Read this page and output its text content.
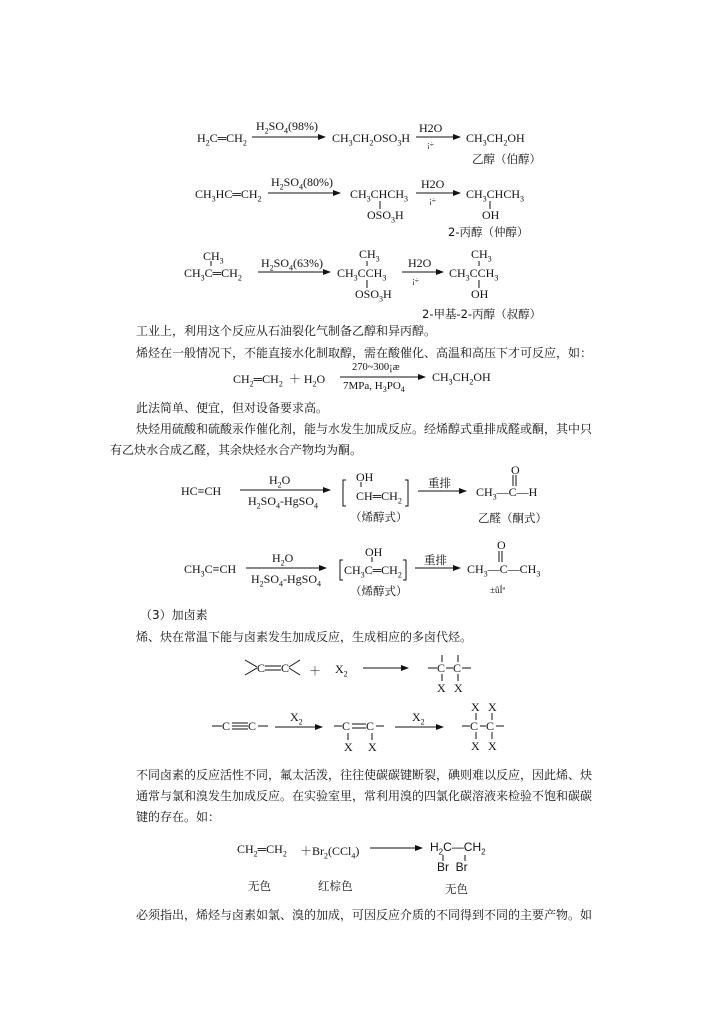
$H_2C═CH_2$
$H_2SO_4(98\%)$
$CH_3CH_2OSO_3H$
H2O
¡÷	$CH_3CH_2OH$
乙醇（伯醇）
$CH_3HC═CH_2$
$H_2SO_4(80\%)$
$CH_3CHCH_3$
$OSO_3H$
H2O
¡÷ $CH_3CHCH_3$
OH
2-丙醇（仲醇）
$CH_3$
$CH_3C═CH_2$
$H_2SO_4(63\%)$
$CH_3$
$CH_3CCH_3$
$OSO_3H$
H2O
¡÷
$CH_3$
$CH_3CCH_3$
OH
2-甲基-2-丙醇（叔醇）
工业上，利用这个反应从石油裂化气制备乙醇和异丙醇。
烯烃在一般情况下，不能直接水化制取醇，需在酸催化、高温和高压下才可反应，如：
$CH_2═CH_2 + H_2O$
270~300¡æ
7MPa, $H_3PO_4$
$CH_3CH_2OH$
此法简单、便宜，但对设备要求高。
炔烃用硫酸和硫酸汞作催化剂，能与水发生加成反应。经烯醇式重排成醛或酮，其中只
有乙炔水合成乙醛，其余炔烃水合产物均为酮。
HC≡CH
$H_2O$
$H_2SO_4-HgSO_4$
OH
$CH═CH_2$
（烯醇式）
重排
O
$CH_3—C—H$
乙醛（酮式）
$CH_3C\equiv CH$
$H_2O$
$H_2SO_4-HgSO_4$
OH
$CH_3C═CH_2$
（烯醇式）
重排
O
$CH_3—C—CH_3$
±ûÍª
（3）加卤素
烯、炔在常温下能与卤素发生加成反应，生成相应的多卤代烃。
C $C + X_2$	C C
X X
C C
$X_2$	C C
X X
$X_2$
X X
C C
X X
不同卤素的反应活性不同，氟太活泼，往往使碳碳键断裂，碘则难以反应，因此烯、炔
通常与氯和溴发生加成反应。在实验室里，常利用溴的四氯化碳溶液来检验不饱和碳碳
键的存在。如：
$CH_2═CH_2 +Br_2(CCl_4)$	$H_2C—CH_2$
Br  Br
无色	红棕色	无色
必须指出，烯烃与卤素如氯、溴的加成，可因反应介质的不同得到不同的主要产物。如
